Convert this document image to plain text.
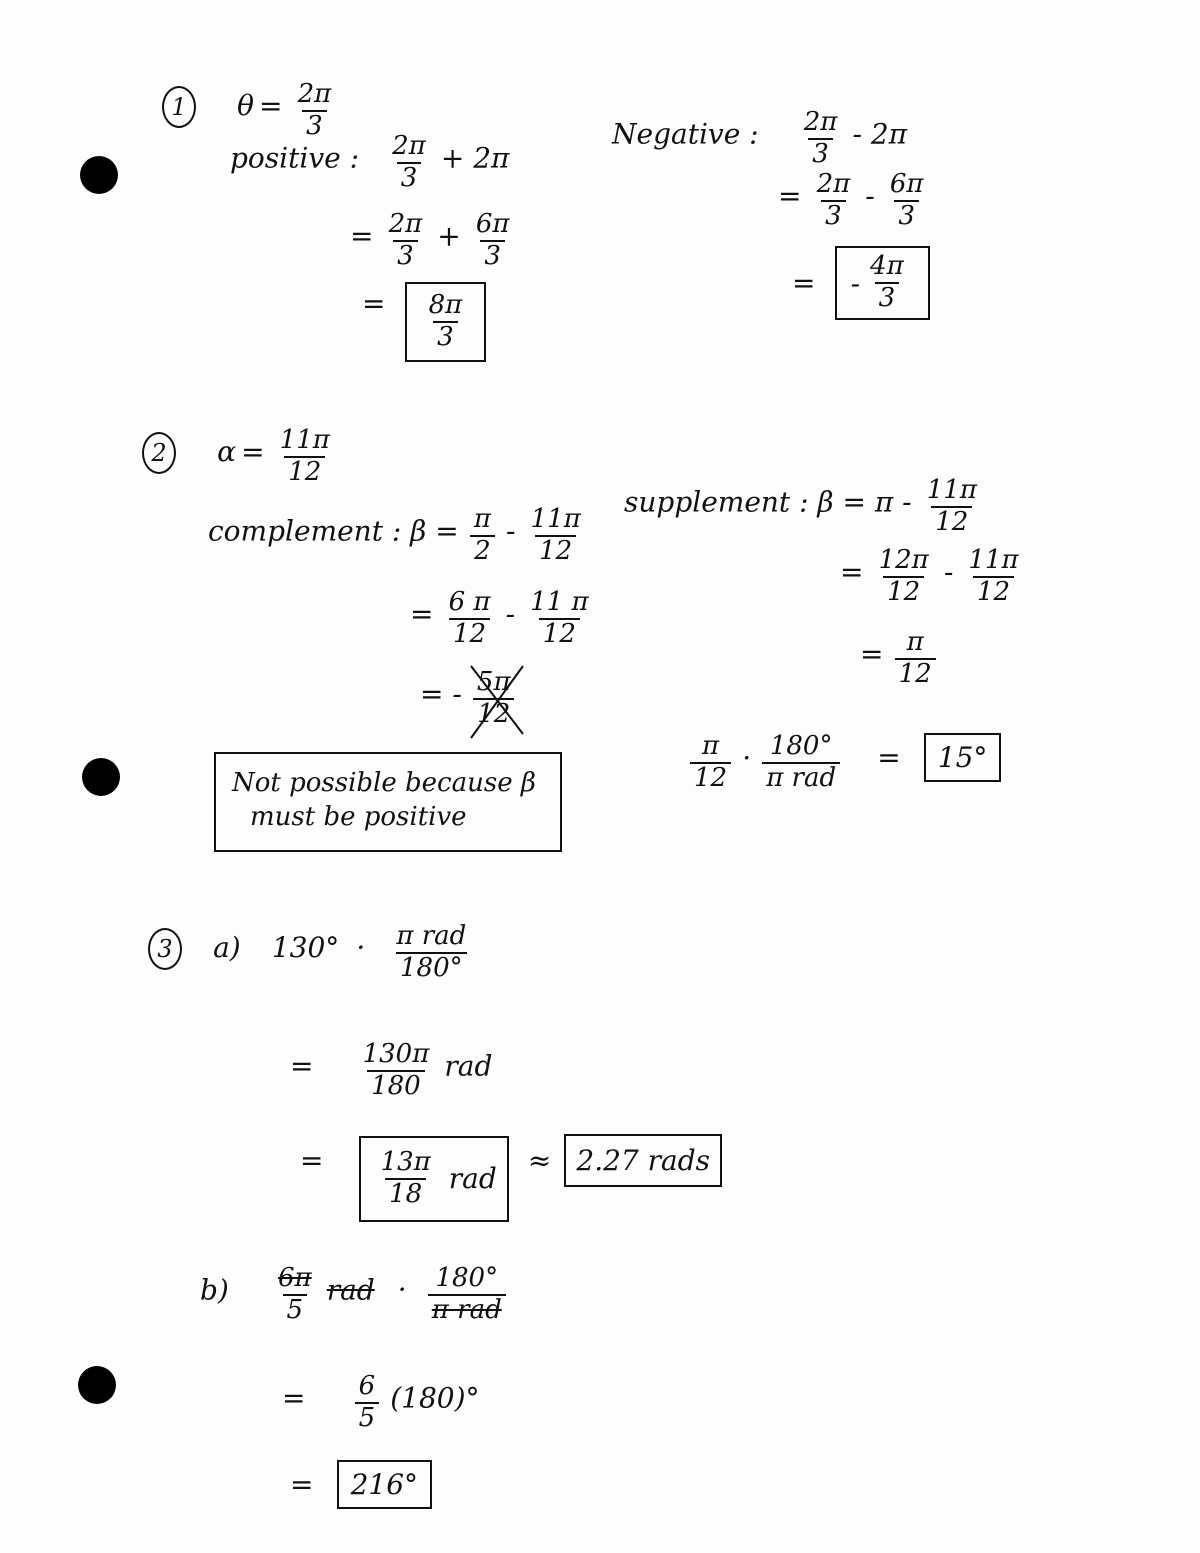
1 $\theta = \frac{2\pi}{3}$
positive : $\frac{2\pi}{3} + 2\pi$
= $\frac{2\pi}{3} + \frac{6\pi}{3}$
= $\frac{8\pi}{3}$
Negative : $\frac{2\pi}{3} - 2\pi$
= $\frac{2\pi}{3} - \frac{6\pi}{3}$
= - $\frac{4\pi}{3}$
2 $\alpha = \frac{11\pi}{12}$
complement : $\beta = \frac{\pi}{2} - \frac{11\pi}{12}$
= $\frac{6 \pi}{12} - \frac{11 \pi}{12}$
= - $\frac{5\pi}{12}$
Not possible because β
must be positive
supplement : $\beta = \pi - \frac{11\pi}{12}$
= $\frac{12\pi}{12} - \frac{11\pi}{12}$
= $\frac{\pi}{12}$
$\frac{\pi}{12} \cdot \frac{180^\circ}{\text{π rad}} = 15^\circ$
3 a) $130^\circ \cdot \frac{\text{π rad}}{180^\circ}$
= $\frac{130\pi}{180}$ rad
= $\frac{13\pi}{18}$ rad
≈ 2.27 rads
$b) \frac{6\pi}{5}$ rad · $\frac{180^\circ}{\text{π rad}}$
= $\frac{6}{5} (180)^\circ$
= 216°
